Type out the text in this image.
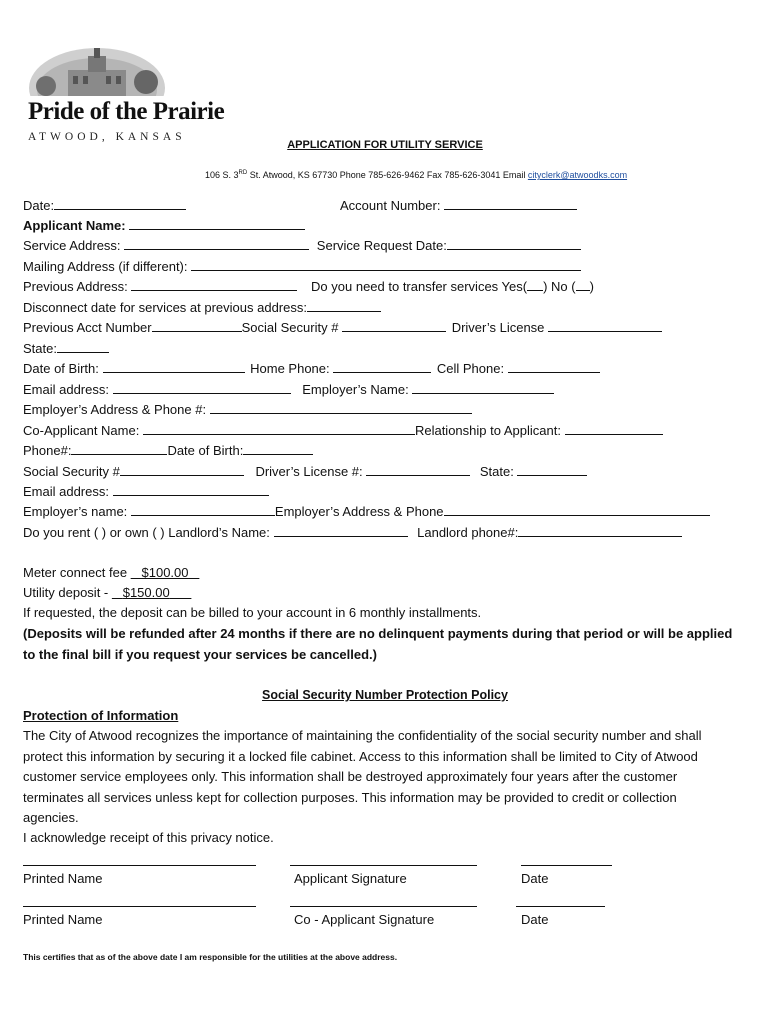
Pride of the Prairie
ATWOOD, KANSAS
APPLICATION FOR UTILITY SERVICE
106 S. 3RD St. Atwood, KS 67730 Phone 785-626-9462 Fax 785-626-3041 Email cityclerk@atwoodks.com
Date:	Account Number:
Applicant Name:
Service Address:	Service Request Date:
Mailing Address (if different):
Previous Address:	Do you need to transfer services Yes( ) No ( )
Disconnect date for services at previous address:
Previous Acct Number	Social Security #	Driver’s License
State:
Date of Birth:	Home Phone:	Cell Phone:
Email address:	Employer’s Name:
Employer’s Address & Phone #:
Co-Applicant Name:	Relationship to Applicant:
Phone#:	Date of Birth:
Social Security #	Driver’s License #:	State:
Email address:
Employer’s name:	Employer’s Address & Phone
Do you rent ( ) or own ( ) Landlord’s Name:	Landlord phone#:
Meter connect fee    $100.00
Utility deposit -    $150.00
If requested, the deposit can be billed to your account in 6 monthly installments.
(Deposits will be refunded after 24 months if there are no delinquent payments during that period or will be applied to the final bill if you request your services be cancelled.)
Social Security Number Protection Policy
Protection of Information
The City of Atwood recognizes the importance of maintaining the confidentiality of the social security number and shall protect this information by securing it a locked file cabinet. Access to this information shall be limited to City of Atwood customer service employees only. This information shall be destroyed approximately four years after the customer terminates all services unless kept for collection purposes. This information may be provided to credit or collection agencies.
I acknowledge receipt of this privacy notice.
Printed Name	Applicant Signature	Date
Printed Name	Co - Applicant Signature	Date
This certifies that as of the above date I am responsible for the utilities at the above address.
